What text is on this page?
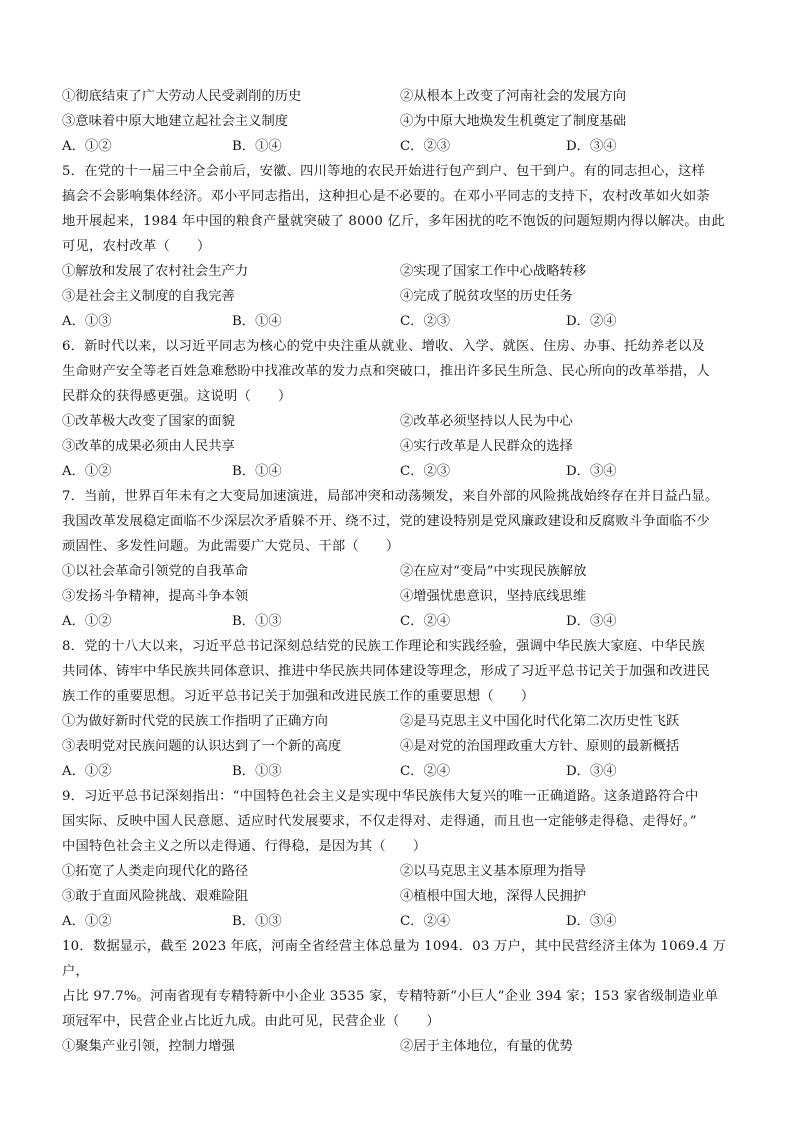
①彻底结束了广大劳动人民受剥削的历史	②从根本上改变了河南社会的发展方向
③意味着中原大地建立起社会主义制度	④为中原大地焕发生机奠定了制度基础
A．①②	B．①④	C．②③	D．③④

5．在党的十一届三中全会前后，安徽、四川等地的农民开始进行包产到户、包干到户。有的同志担心，这样

搞会不会影响集体经济。邓小平同志指出，这种担心是不必要的。在邓小平同志的支持下，农村改革如火如荼

地开展起来，1984 年中国的粮食产量就突破了 8000 亿斤，多年困扰的吃不饱饭的问题短期内得以解决。由此

可见，农村改革（　　）

①解放和发展了农村社会生产力	②实现了国家工作中心战略转移
③是社会主义制度的自我完善	④完成了脱贫攻坚的历史任务
A．①③	B．①④	C．②③	D．②④

6．新时代以来，以习近平同志为核心的党中央注重从就业、增收、入学、就医、住房、办事、托幼养老以及

生命财产安全等老百姓急难愁盼中找准改革的发力点和突破口，推出许多民生所急、民心所向的改革举措，人

民群众的获得感更强。这说明（　　）

①改革极大改变了国家的面貌	②改革必须坚持以人民为中心
③改革的成果必须由人民共享	④实行改革是人民群众的选择
A．①②	B．①④	C．②③	D．③④

7．当前，世界百年未有之大变局加速演进，局部冲突和动荡频发，来自外部的风险挑战始终存在并日益凸显。

我国改革发展稳定面临不少深层次矛盾躲不开、绕不过，党的建设特别是党风廉政建设和反腐败斗争面临不少

顽固性、多发性问题。为此需要广大党员、干部（　　）

①以社会革命引领党的自我革命	②在应对“变局”中实现民族解放
③发扬斗争精神，提高斗争本领	④增强忧患意识，坚持底线思维
A．①②	B．①③	C．②④	D．③④

8．党的十八大以来，习近平总书记深刻总结党的民族工作理论和实践经验，强调中华民族大家庭、中华民族

共同体、铸牢中华民族共同体意识、推进中华民族共同体建设等理念，形成了习近平总书记关于加强和改进民

族工作的重要思想。习近平总书记关于加强和改进民族工作的重要思想（　　）

①为做好新时代党的民族工作指明了正确方向	②是马克思主义中国化时代化第二次历史性飞跃
③表明党对民族问题的认识达到了一个新的高度	④是对党的治国理政重大方针、原则的最新概括
A．①②	B．①③	C．②④	D．③④

9．习近平总书记深刻指出：“中国特色社会主义是实现中华民族伟大复兴的唯一正确道路。这条道路符合中

国实际、反映中国人民意愿、适应时代发展要求，不仅走得对、走得通，而且也一定能够走得稳、走得好。”

中国特色社会主义之所以走得通、行得稳，是因为其（　　）

①拓宽了人类走向现代化的路径	②以马克思主义基本原理为指导
③敢于直面风险挑战、艰难险阻	④植根中国大地，深得人民拥护
A．①②	B．①③	C．②④	D．③④

10．数据显示，截至 2023 年底，河南全省经营主体总量为 1094．03 万户，其中民营经济主体为 1069.4 万户，

占比 97.7%。河南省现有专精特新中小企业 3535 家，专精特新“小巨人”企业 394 家；153 家省级制造业单

项冠军中，民营企业占比近九成。由此可见，民营企业（　　）

①聚集产业引领，控制力增强	②居于主体地位，有量的优势
